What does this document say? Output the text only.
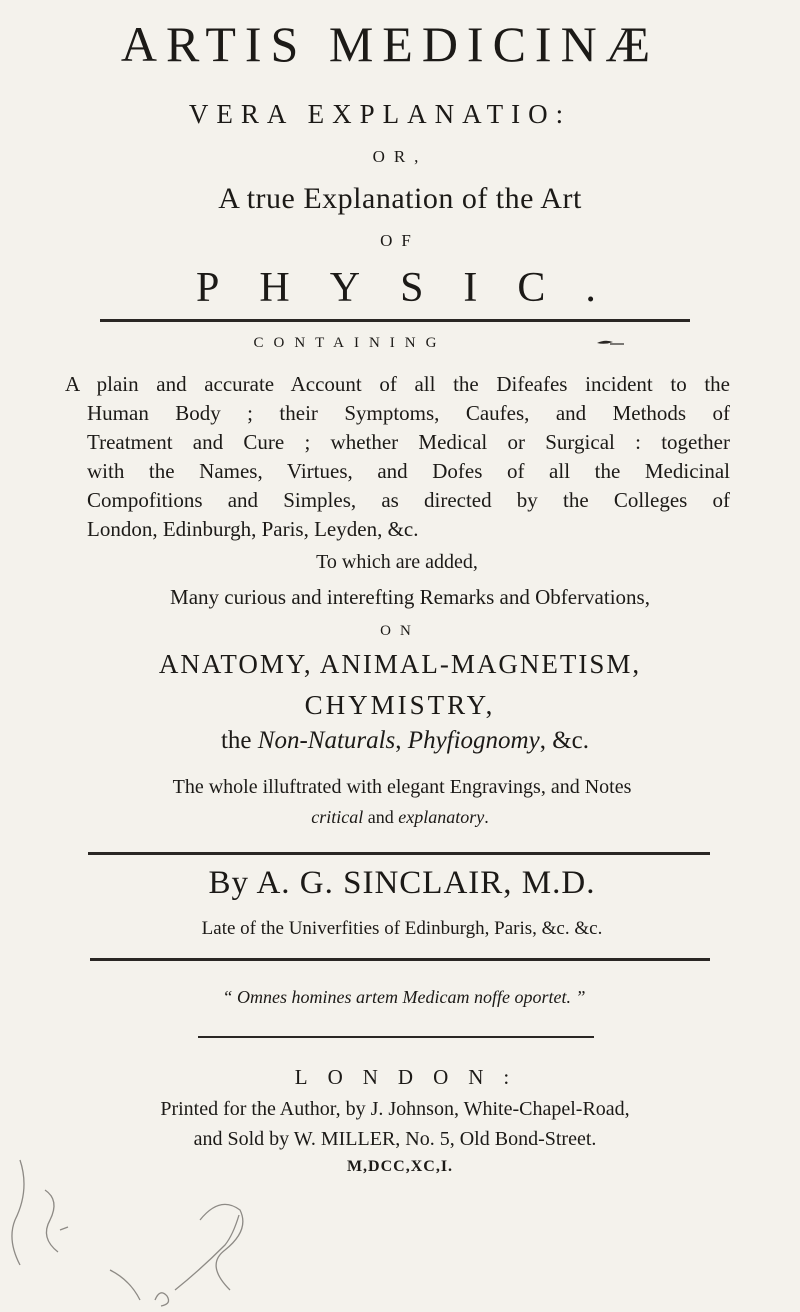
ARTIS MEDICINÆ
VERA EXPLANATIO:
OR,
A true Explanation of the Art
OF
PHYSIC.
CONTAINING
A plain and accurate Account of all the Difeafes incident to the
Human Body ; their Symptoms, Caufes, and Methods of
Treatment and Cure ; whether Medical or Surgical : together
with the Names, Virtues, and Dofes of all the Medicinal
Compofitions and Simples, as directed by the Colleges of
London, Edinburgh, Paris, Leyden, &c.
To which are added,
Many curious and interefting Remarks and Obfervations,
ON
ANATOMY, ANIMAL-MAGNETISM,
CHYMISTRY,
the Non-Naturals, Phyfiognomy, &c.
The whole illuftrated with elegant Engravings, and Notes
critical and explanatory.
By A. G. SINCLAIR, M.D.
Late of the Univerfities of Edinburgh, Paris, &c. &c.
“ Omnes homines artem Medicam noffe oportet. ”
LONDON:
Printed for the Author, by J. Johnson, White-Chapel-Road,
and Sold by W. MILLER, No. 5, Old Bond-Street.
M,DCC,XC,I.
